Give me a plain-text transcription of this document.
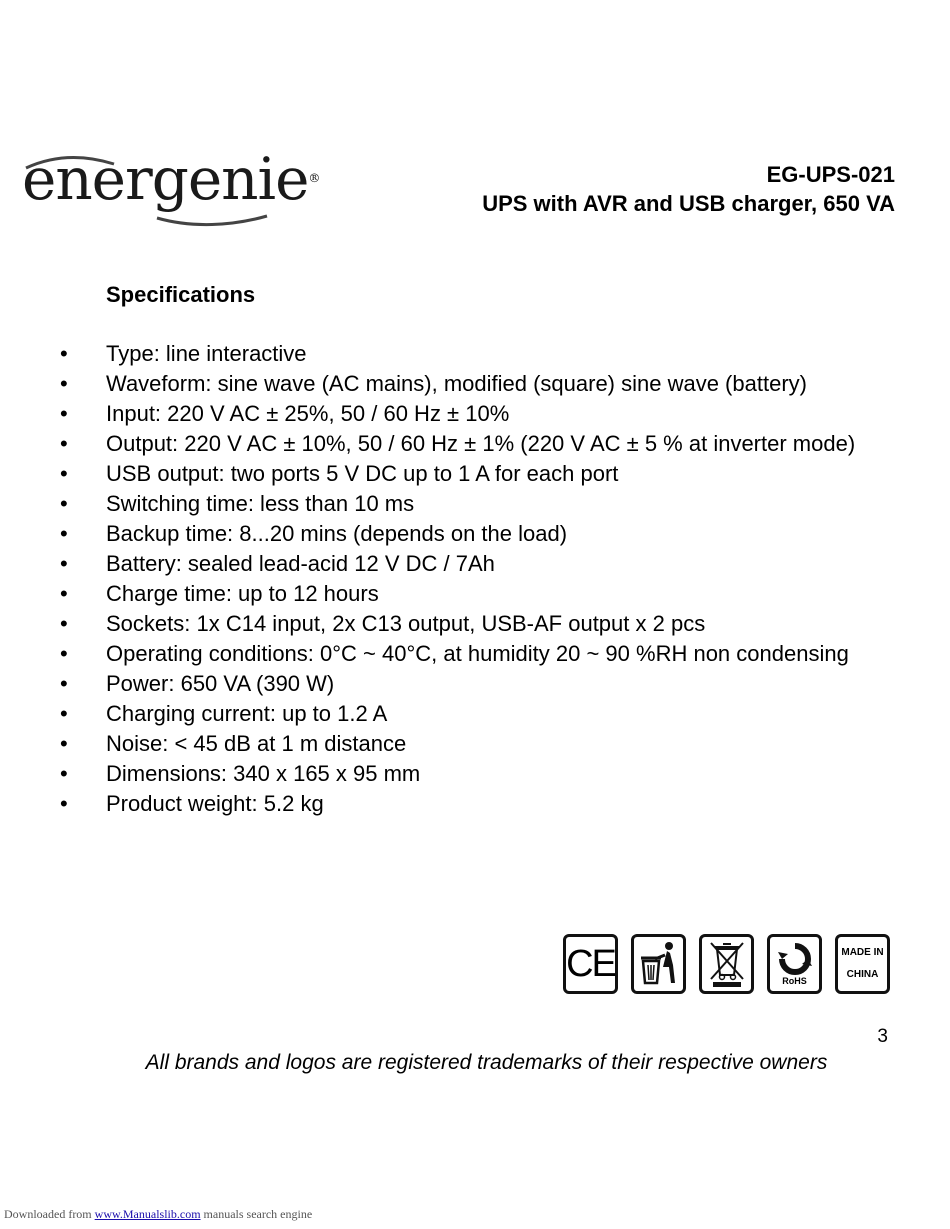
energenie®	EG-UPS-021
UPS with AVR and USB charger, 650 VA
Specifications
• Type: line interactive
• Waveform: sine wave (AC mains), modified (square) sine wave (battery)
• Input: 220 V AC ± 25%, 50 / 60 Hz ± 10%
• Output: 220 V AC ± 10%, 50 / 60 Hz ± 1% (220 V AC ± 5 % at inverter mode)
• USB output: two ports 5 V DC up to 1 A for each port
• Switching time: less than 10 ms
• Backup time: 8...20 mins (depends on the load)
• Battery: sealed lead-acid 12 V DC / 7Ah
• Charge time: up to 12 hours
• Sockets: 1x C14 input, 2x C13 output, USB-AF output x 2 pcs
• Operating conditions: 0°C ~ 40°C, at humidity 20 ~ 90 %RH non condensing
• Power: 650 VA (390 W)
• Charging current: up to 1.2 A
• Noise: < 45 dB at 1 m distance
• Dimensions: 340 x 165 x 95 mm
• Product weight: 5.2 kg
CE	RoHS
MADE IN
CHINA
3
All brands and logos are registered trademarks of their respective owners
Downloaded from www.Manualslib.com manuals search engine
